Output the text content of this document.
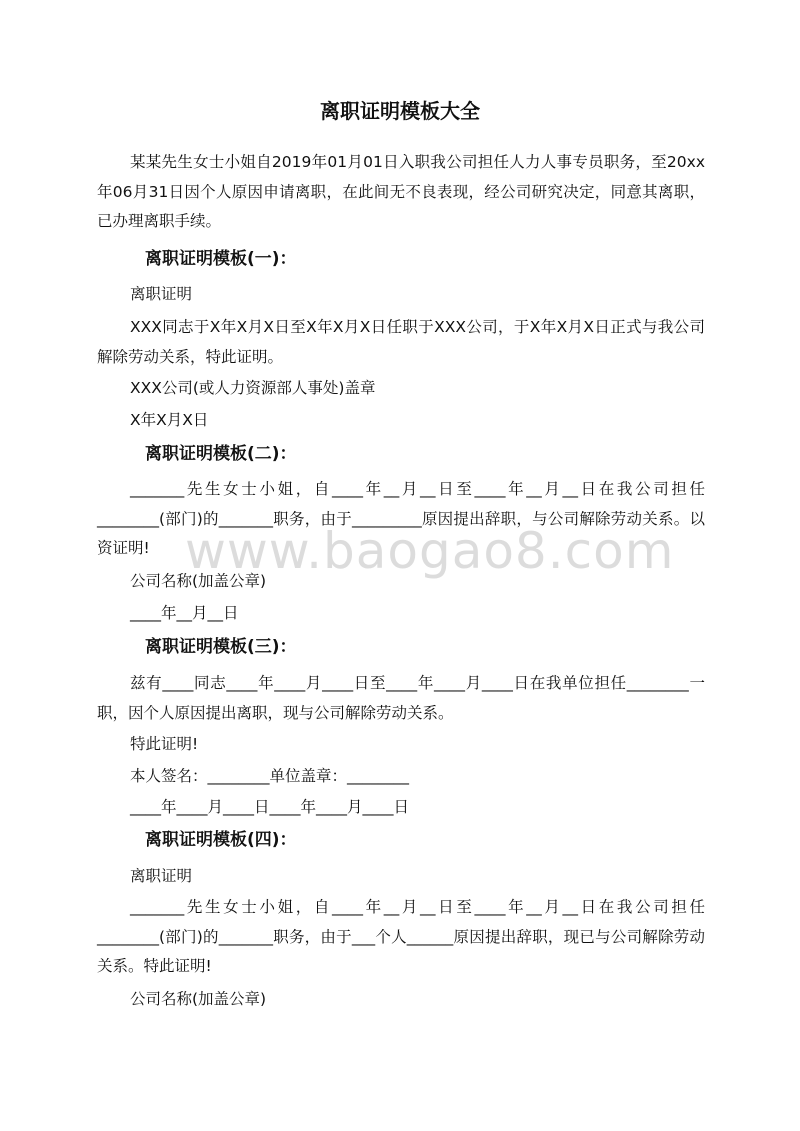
www.baogao8.com
离职证明模板大全
某某先生女士小姐自2019年01月01日入职我公司担任人力人事专员职务，至20xx年06月31日因个人原因申请离职，在此间无不良表现，经公司研究决定，同意其离职，已办理离职手续。
离职证明模板(一)：
离职证明
XXX同志于X年X月X日至X年X月X日任职于XXX公司，于X年X月X日正式与我公司解除劳动关系，特此证明。
XXX公司(或人力资源部人事处)盖章
X年X月X日
离职证明模板(二)：
_______先生女士小姐，自____年__月__日至____年__月__日在我公司担任________(部门)的_______职务，由于_________原因提出辞职，与公司解除劳动关系。以资证明!
公司名称(加盖公章)
____年__月__日
离职证明模板(三)：
兹有____同志____年____月____日至____年____月____日在我单位担任________一职，因个人原因提出离职，现与公司解除劳动关系。
特此证明!
本人签名：________单位盖章：________
____年____月____日____年____月____日
离职证明模板(四)：
离职证明
_______先生女士小姐，自____年__月__日至____年__月__日在我公司担任________(部门)的_______职务，由于___个人______原因提出辞职，现已与公司解除劳动关系。特此证明!
公司名称(加盖公章)
